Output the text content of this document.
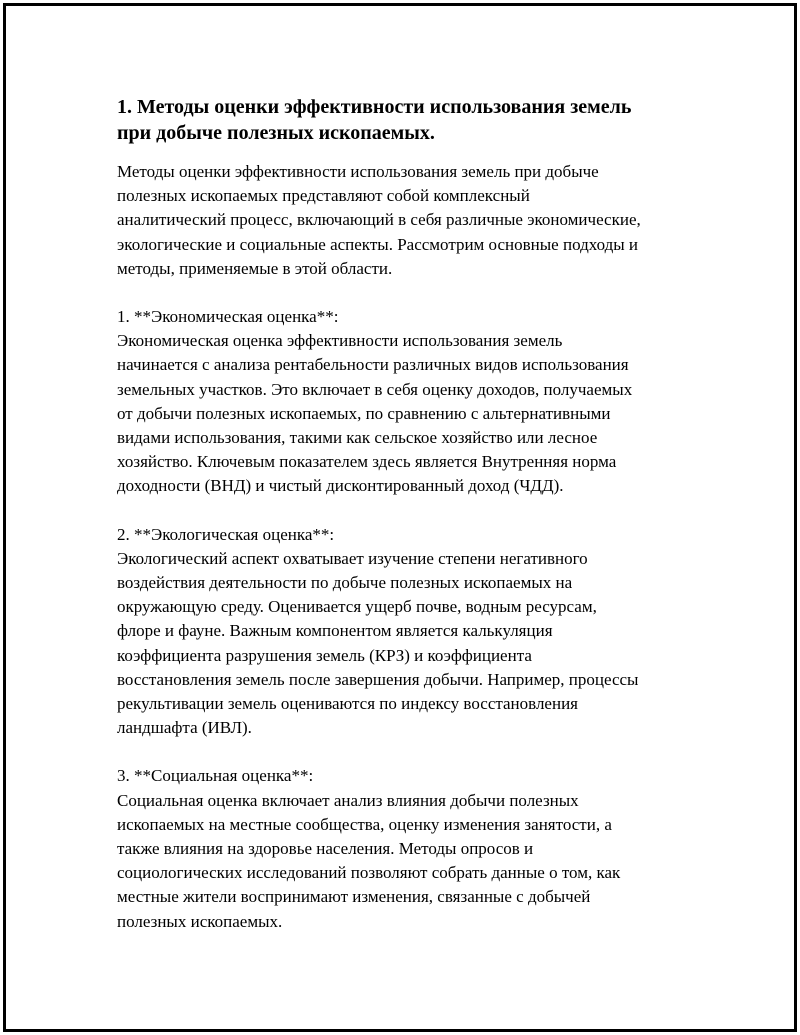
1. Методы оценки эффективности использования земель
при добыче полезных ископаемых.

Методы оценки эффективности использования земель при добыче
полезных ископаемых представляют собой комплексный
аналитический процесс, включающий в себя различные экономические,
экологические и социальные аспекты. Рассмотрим основные подходы и
методы, применяемые в этой области.

1. **Экономическая оценка**:

Экономическая оценка эффективности использования земель
начинается с анализа рентабельности различных видов использования
земельных участков. Это включает в себя оценку доходов, получаемых
от добычи полезных ископаемых, по сравнению с альтернативными
видами использования, такими как сельское хозяйство или лесное
хозяйство. Ключевым показателем здесь является Внутренняя норма
доходности (ВНД) и чистый дисконтированный доход (ЧДД).

2. **Экологическая оценка**:

Экологический аспект охватывает изучение степени негативного
воздействия деятельности по добыче полезных ископаемых на
окружающую среду. Оценивается ущерб почве, водным ресурсам,
флоре и фауне. Важным компонентом является калькуляция
коэффициента разрушения земель (КРЗ) и коэффициента
восстановления земель после завершения добычи. Например, процессы
рекультивации земель оцениваются по индексу восстановления
ландшафта (ИВЛ).

3. **Социальная оценка**:

Социальная оценка включает анализ влияния добычи полезных
ископаемых на местные сообщества, оценку изменения занятости, а
также влияния на здоровье населения. Методы опросов и
социологических исследований позволяют собрать данные о том, как
местные жители воспринимают изменения, связанные с добычей
полезных ископаемых.
